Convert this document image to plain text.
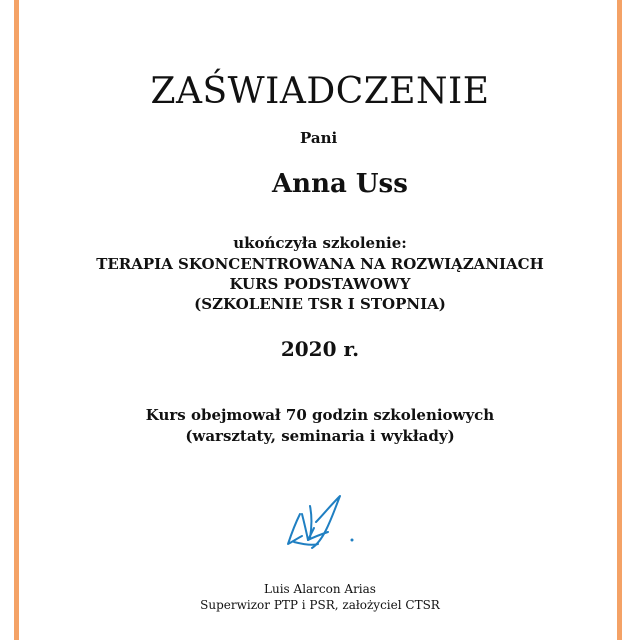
ZAŚWIADCZENIE
Pani
Anna Uss
ukończyła szkolenie:
TERAPIA SKONCENTROWANA NA ROZWIĄZANIACH
KURS PODSTAWOWY
(SZKOLENIE TSR I STOPNIA)
2020 r.
Kurs obejmował 70 godzin szkoleniowych
(warsztaty, seminaria i wykłady)
Luis Alarcon Arias
Superwizor PTP i PSR, założyciel CTSR
